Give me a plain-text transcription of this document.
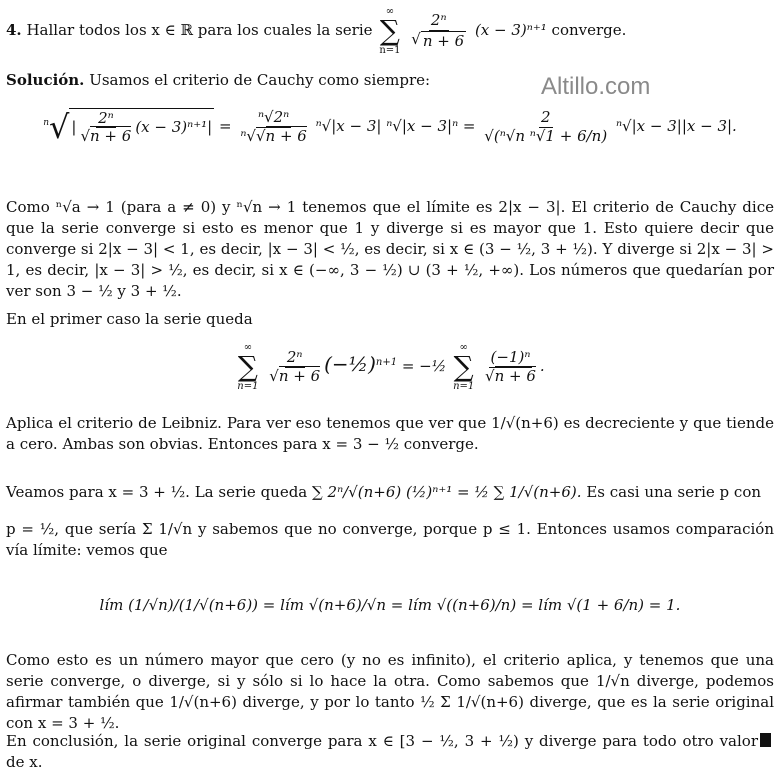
Altillo.com
4. Hallar todos los x ∈ ℝ para los cuales la serie
∞
∑
n=1

$\frac{\text{2ⁿ}}{√ n + 6} (x - 3)^{n+1}$ converge.
Solución. Usamos el criterio de Cauchy como siempre:
$^n$ √ | $\frac{\text{2ⁿ}}{√n + 6} (x - 3)^{n+1}| = \frac{\text{ⁿ√2ⁿ}}{\text{ⁿ√√n + 6}} ^n√|x - 3|$ $^n√|x - 3|^n = \frac{2}{\text{√(ⁿ√n ⁿ√1 + 6/n)}} ^n√|x - 3||x - 3|$.
Como ⁿ√a → 1 (para a ≠ 0) y ⁿ√n → 1 tenemos que el límite es 2|x − 3|. El criterio de Cauchy dice que la serie converge si esto es menor que 1 y diverge si es mayor que 1. Esto quiere decir que converge si 2|x − 3| < 1, es decir, |x − 3| < ½, es decir, si x ∈ (3 − ½, 3 + ½). Y diverge si 2|x − 3| > 1, es decir, |x − 3| > ½, es decir, si x ∈ (−∞, 3 − ½) ∪ (3 + ½, +∞). Los números que quedarían por ver son 3 − ½ y 3 + ½.
En el primer caso la serie queda
∞
∑
n=1

$\frac{\text{2ⁿ}}{√n + 6}$ (−½)$^{n+1}$ = −½
∞
∑
n=1

$\frac{\text{(−1)ⁿ}}{√n + 6}$ .
Aplica el criterio de Leibniz. Para ver eso tenemos que ver que 1/√(n+6) es decreciente y que tiende a cero. Ambas son obvias. Entonces para x = 3 − ½ converge.
Veamos para x = 3 + ½. La serie queda ∑ 2ⁿ/√(n+6) (½)ⁿ⁺¹ = ½ ∑ 1/√(n+6). Es casi una serie p con
p = ½, que sería Σ 1/√n y sabemos que no converge, porque p ≤ 1. Entonces usamos comparación vía límite: vemos que
lím (1/√n)/(1/√(n+6)) = lím √(n+6)/√n = lím √((n+6)/n) = lím √(1 + 6/n) = 1.
Como esto es un número mayor que cero (y no es infinito), el criterio aplica, y tenemos que una serie converge, o diverge, si y sólo si lo hace la otra. Como sabemos que 1/√n diverge, podemos afirmar también que 1/√(n+6) diverge, y por lo tanto ½ Σ 1/√(n+6) diverge, que es la serie original con x = 3 + ½.
En conclusión, la serie original converge para x ∈ [3 − ½, 3 + ½) y diverge para todo otro valor de x.
